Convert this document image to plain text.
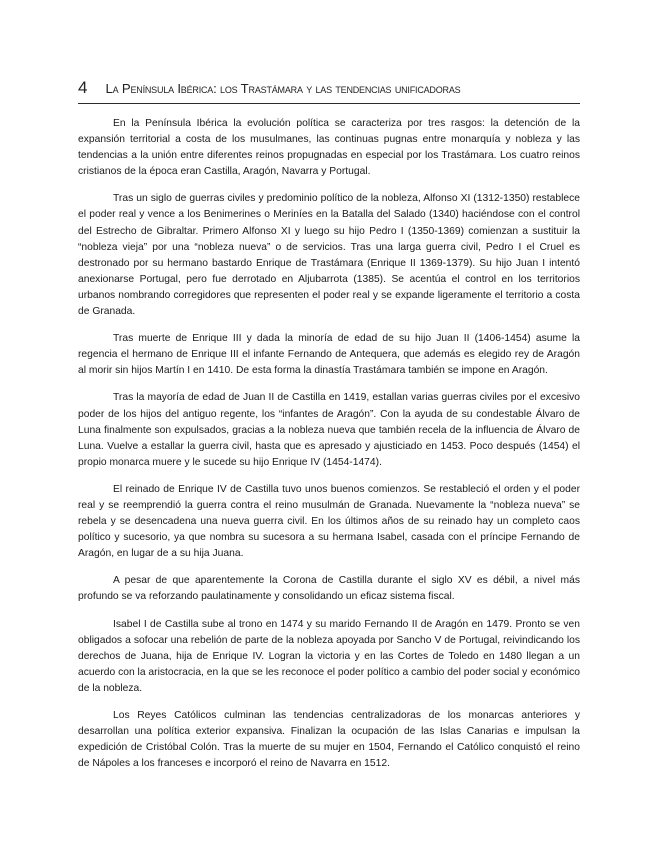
4 La Península Ibérica: los Trastámara y las tendencias unificadoras

En la Península Ibérica la evolución política se caracteriza por tres rasgos: la detención de la expansión territorial a costa de los musulmanes, las continuas pugnas entre monarquía y nobleza y las tendencias a la unión entre diferentes reinos propugnadas en especial por los Trastámara. Los cuatro reinos cristianos de la época eran Castilla, Aragón, Navarra y Portugal.

Tras un siglo de guerras civiles y predominio político de la nobleza, Alfonso XI (1312-1350) restablece el poder real y vence a los Benimerines o Meriníes en la Batalla del Salado (1340) haciéndose con el control del Estrecho de Gibraltar. Primero Alfonso XI y luego su hijo Pedro I (1350-1369) comienzan a sustituir la “nobleza vieja” por una “nobleza nueva” o de servicios. Tras una larga guerra civil, Pedro I el Cruel es destronado por su hermano bastardo Enrique de Trastámara (Enrique II 1369-1379). Su hijo Juan I intentó anexionarse Portugal, pero fue derrotado en Aljubarrota (1385). Se acentúa el control en los territorios urbanos nombrando corregidores que representen el poder real y se expande ligeramente el territorio a costa de Granada.

Tras muerte de Enrique III y dada la minoría de edad de su hijo Juan II (1406-1454) asume la regencia el hermano de Enrique III el infante Fernando de Antequera, que además es elegido rey de Aragón al morir sin hijos Martín I en 1410. De esta forma la dinastía Trastámara también se impone en Aragón.

Tras la mayoría de edad de Juan II de Castilla en 1419, estallan varias guerras civiles por el excesivo poder de los hijos del antiguo regente, los “infantes de Aragón”. Con la ayuda de su condestable Álvaro de Luna finalmente son expulsados, gracias a la nobleza nueva que también recela de la influencia de Álvaro de Luna. Vuelve a estallar la guerra civil, hasta que es apresado y ajusticiado en 1453. Poco después (1454) el propio monarca muere y le sucede su hijo Enrique IV (1454-1474).

El reinado de Enrique IV de Castilla tuvo unos buenos comienzos. Se restableció el orden y el poder real y se reemprendió la guerra contra el reino musulmán de Granada. Nuevamente la “nobleza nueva” se rebela y se desencadena una nueva guerra civil. En los últimos años de su reinado hay un completo caos político y sucesorio, ya que nombra su sucesora a su hermana Isabel, casada con el príncipe Fernando de Aragón, en lugar de a su hija Juana.

A pesar de que aparentemente la Corona de Castilla durante el siglo XV es débil, a nivel más profundo se va reforzando paulatinamente y consolidando un eficaz sistema fiscal.

Isabel I de Castilla sube al trono en 1474 y su marido Fernando II de Aragón en 1479. Pronto se ven obligados a sofocar una rebelión de parte de la nobleza apoyada por Sancho V de Portugal, reivindicando los derechos de Juana, hija de Enrique IV. Logran la victoria y en las Cortes de Toledo en 1480 llegan a un acuerdo con la aristocracia, en la que se les reconoce el poder político a cambio del poder social y económico de la nobleza.

Los Reyes Católicos culminan las tendencias centralizadoras de los monarcas anteriores y desarrollan una política exterior expansiva. Finalizan la ocupación de las Islas Canarias e impulsan la expedición de Cristóbal Colón. Tras la muerte de su mujer en 1504, Fernando el Católico conquistó el reino de Nápoles a los franceses e incorporó el reino de Navarra en 1512.
